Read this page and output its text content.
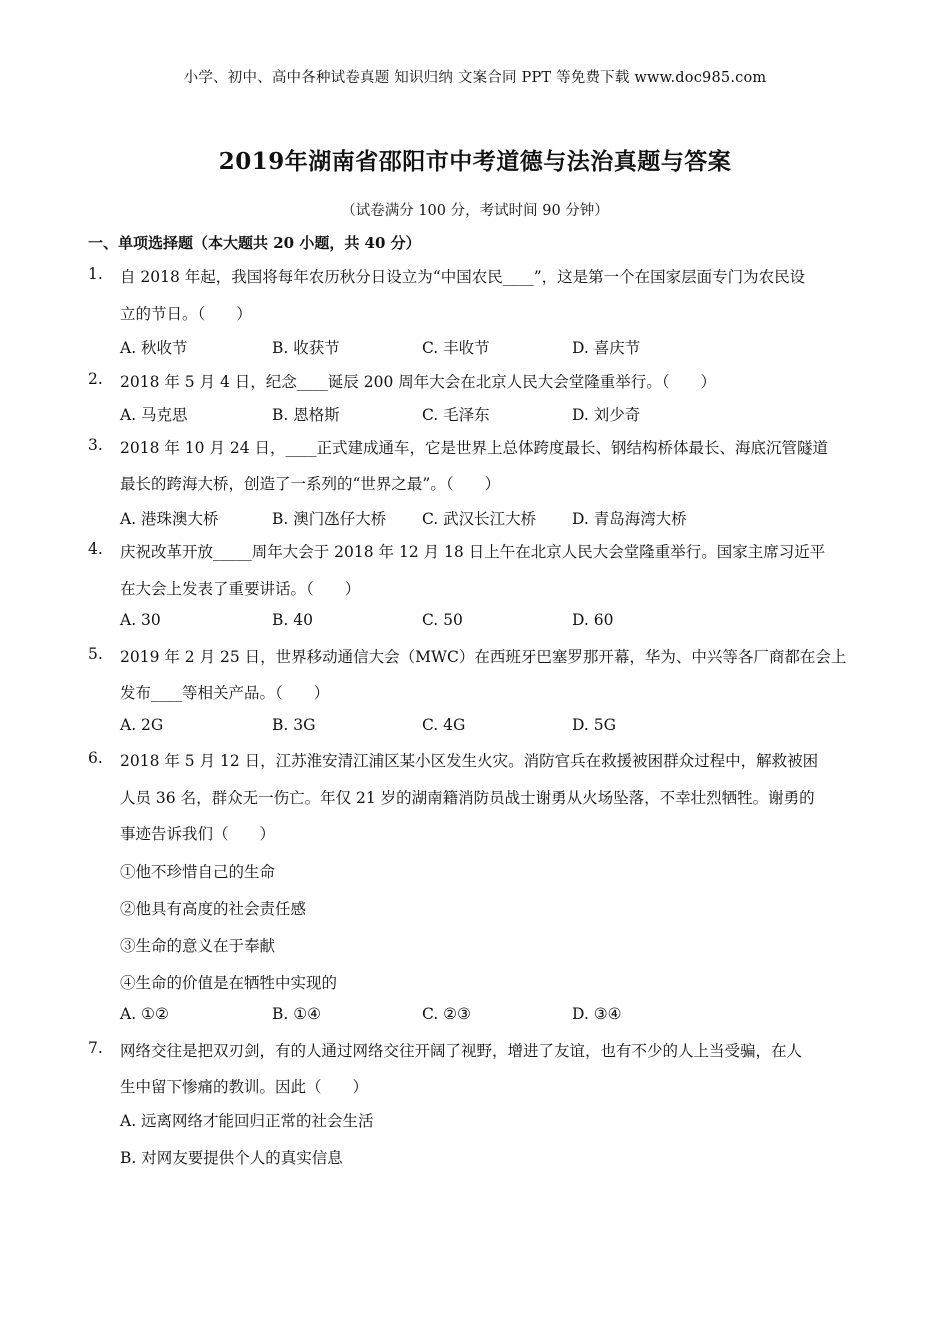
小学、初中、高中各种试卷真题 知识归纳 文案合同 PPT 等免费下载 www.doc985.com
2019年湖南省邵阳市中考道德与法治真题与答案
（试卷满分 100 分，考试时间 90 分钟）
一、单项选择题（本大题共 20 小题，共 40 分）
1. 自 2018 年起，我国将每年农历秋分日设立为“中国农民____”，这是第一个在国家层面专门为农民设
立的节日。（　　）
A. 秋收节	B. 收获节	C. 丰收节	D. 喜庆节
2. 2018 年 5 月 4 日，纪念____诞辰 200 周年大会在北京人民大会堂隆重举行。（　　）
A. 马克思	B. 恩格斯	C. 毛泽东	D. 刘少奇
3. 2018 年 10 月 24 日，____正式建成通车，它是世界上总体跨度最长、钢结构桥体最长、海底沉管隧道
最长的跨海大桥，创造了一系列的“世界之最”。（　　）
A. 港珠澳大桥	B. 澳门氹仔大桥 C. 武汉长江大桥 D. 青岛海湾大桥
4. 庆祝改革开放_____周年大会于 2018 年 12 月 18 日上午在北京人民大会堂隆重举行。国家主席习近平
在大会上发表了重要讲话。（　　）
A. 30	B. 40	C. 50	D. 60
5. 2019 年 2 月 25 日，世界移动通信大会（MWC）在西班牙巴塞罗那开幕，华为、中兴等各厂商都在会上
发布____等相关产品。（　　）
A. 2G	B. 3G	C. 4G	D. 5G
6. 2018 年 5 月 12 日，江苏淮安清江浦区某小区发生火灾。消防官兵在救援被困群众过程中，解救被困
人员 36 名，群众无一伤亡。年仅 21 岁的湖南籍消防员战士谢勇从火场坠落，不幸壮烈牺牲。谢勇的
事迹告诉我们（　　）
①他不珍惜自己的生命
②他具有高度的社会责任感
③生命的意义在于奉献
④生命的价值是在牺牲中实现的
A. ①②	B. ①④	C. ②③	D. ③④
7. 网络交往是把双刃剑，有的人通过网络交往开阔了视野，增进了友谊，也有不少的人上当受骗，在人
生中留下惨痛的教训。因此（　　）
A. 远离网络才能回归正常的社会生活
B. 对网友要提供个人的真实信息
